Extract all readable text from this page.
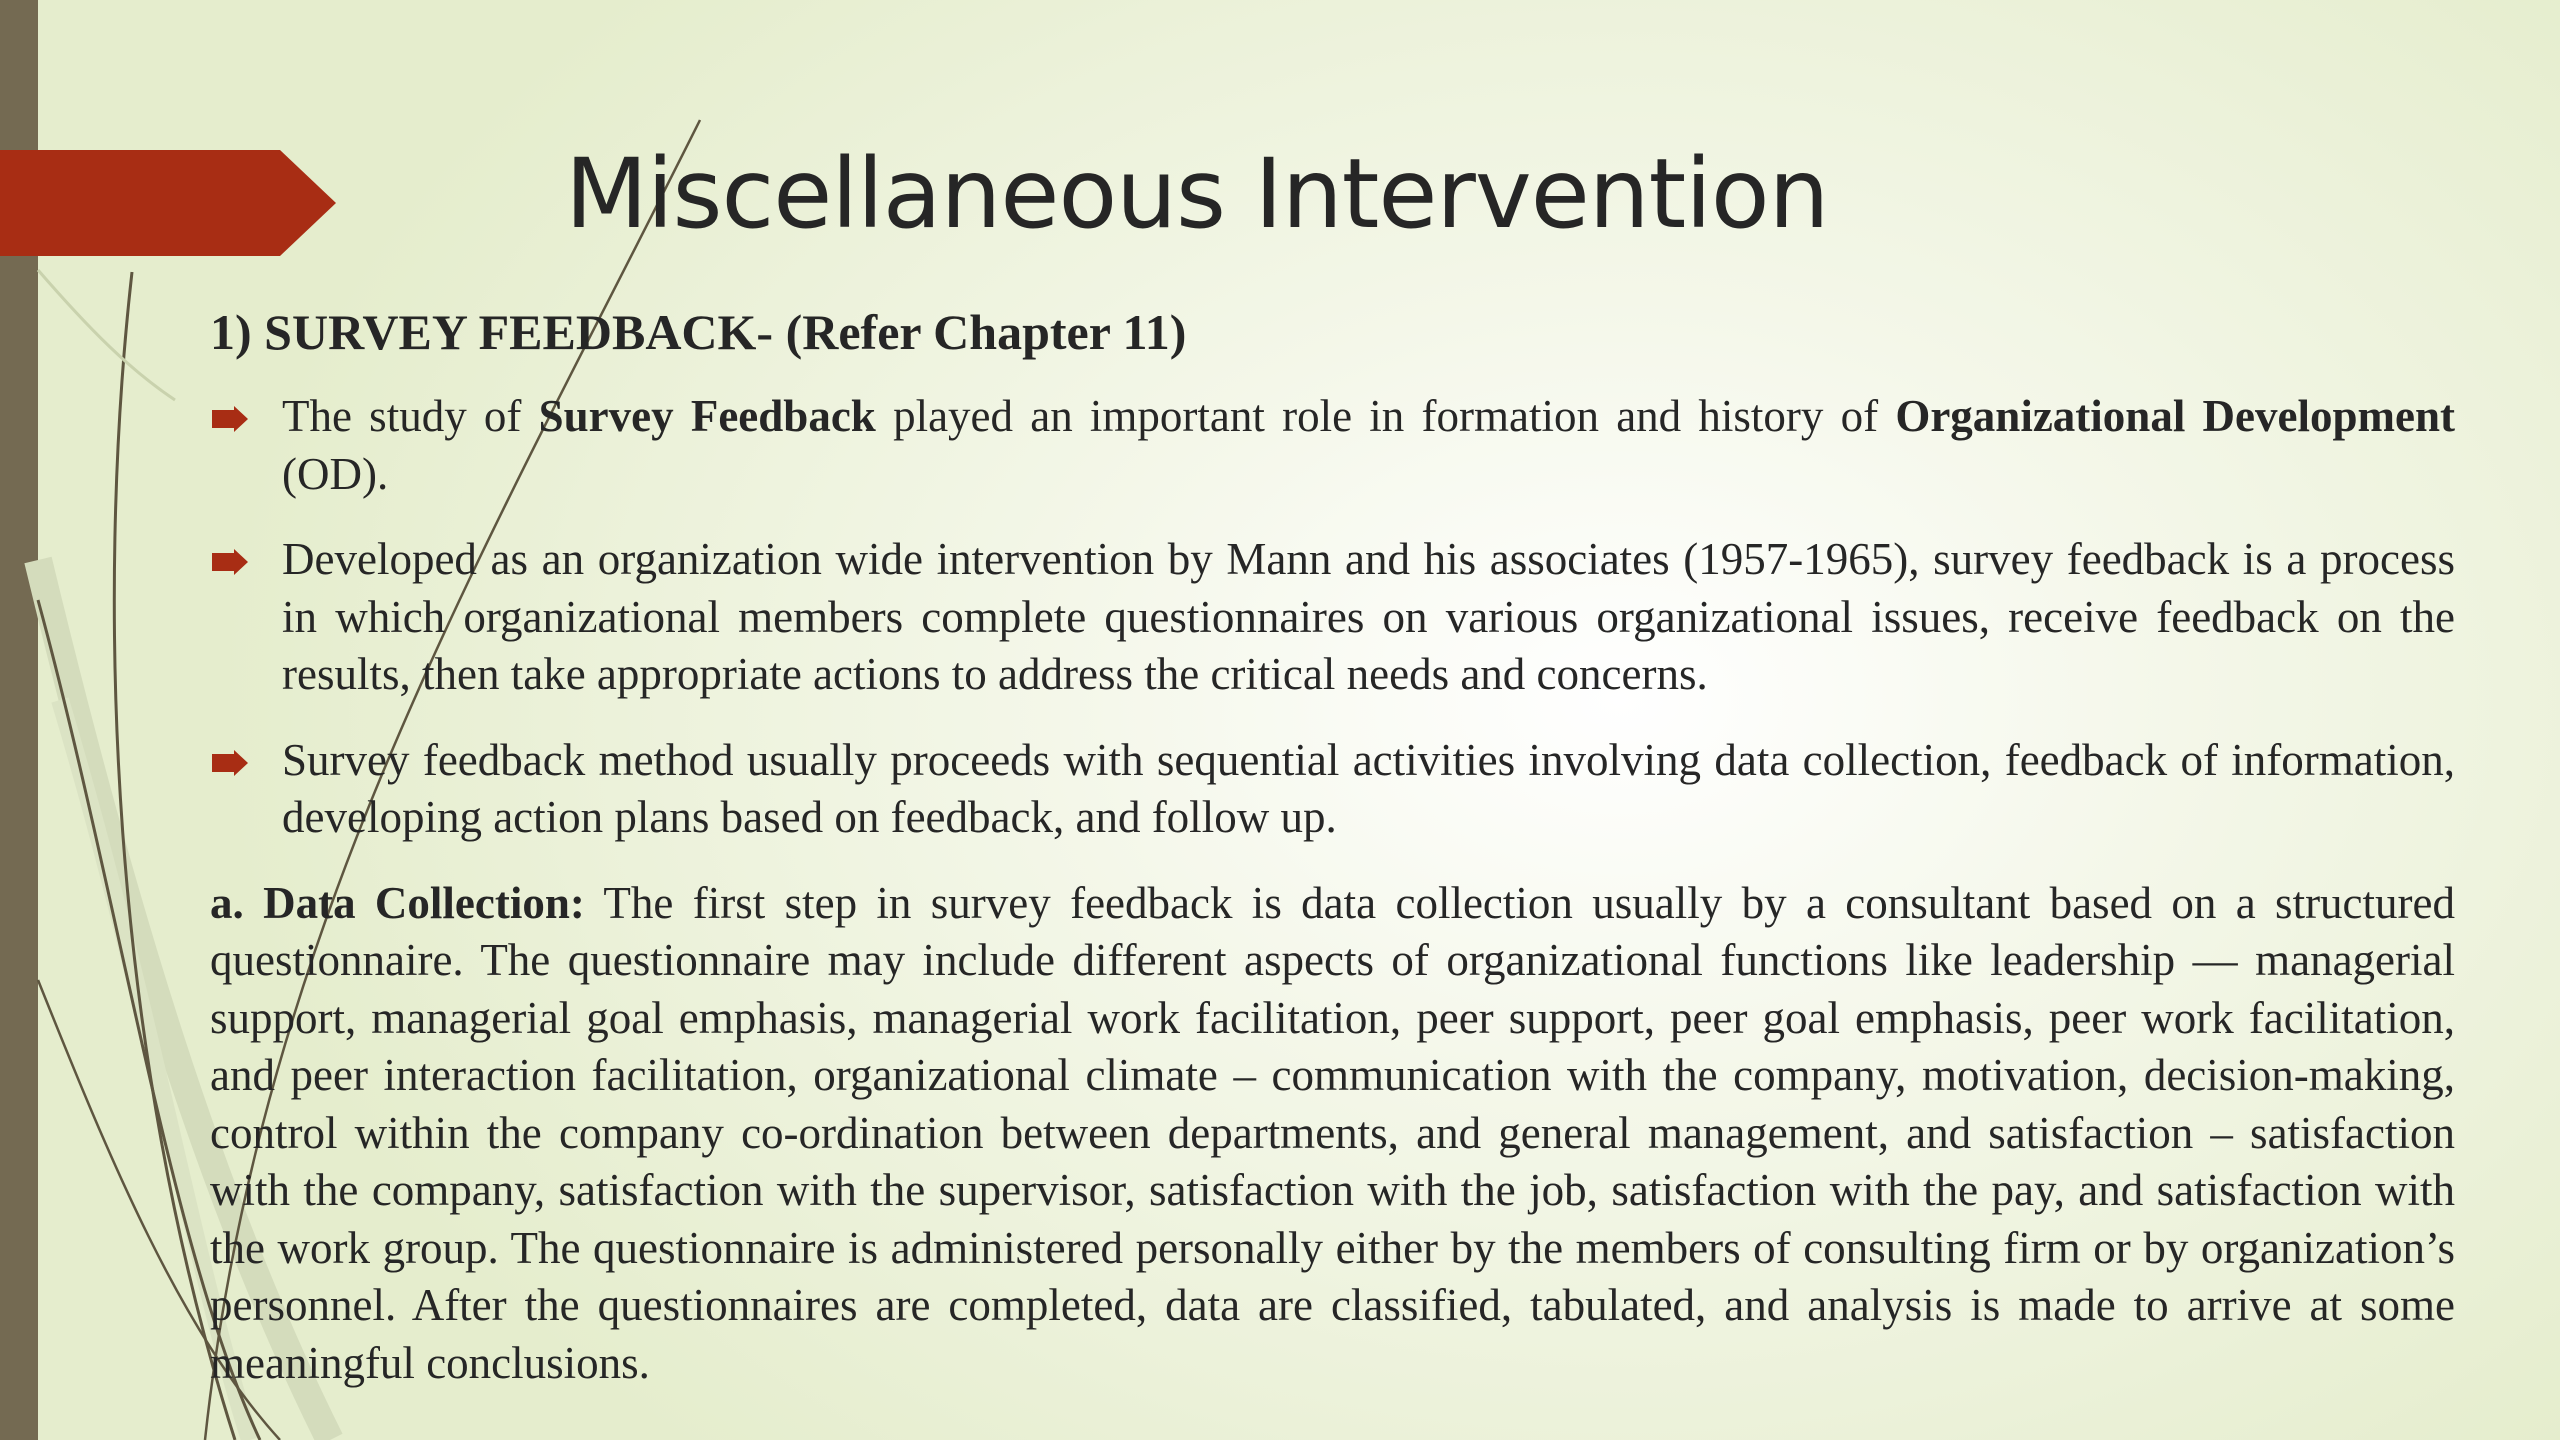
Miscellaneous Intervention

1) SURVEY FEEDBACK- (Refer Chapter 11)

The study of Survey Feedback played an important role in formation and history of Organizational Development (OD).
Developed as an organization wide intervention by Mann and his associates (1957-1965), survey feedback is a process in which organizational members complete questionnaires on various organizational issues, receive feedback on the results, then take appropriate actions to address the critical needs and concerns.
Survey feedback method usually proceeds with sequential activities involving data collection, feedback of information, developing action plans based on feedback, and follow up.

a. Data Collection: The first step in survey feedback is data collection usually by a consultant based on a structured questionnaire. The questionnaire may include different aspects of organizational functions like leadership — managerial support, managerial goal emphasis, managerial work facilitation, peer support, peer goal emphasis, peer work facilitation, and peer interaction facilitation, organizational climate – communication with the company, motivation, decision-making, control within the company co-ordination between departments, and general management, and satisfaction – satisfaction with the company, satisfaction with the supervisor, satisfaction with the job, satisfaction with the pay, and satisfaction with the work group. The questionnaire is administered personally either by the members of consulting firm or by organization’s personnel. After the questionnaires are completed, data are classified, tabulated, and analysis is made to arrive at some meaningful conclusions.
